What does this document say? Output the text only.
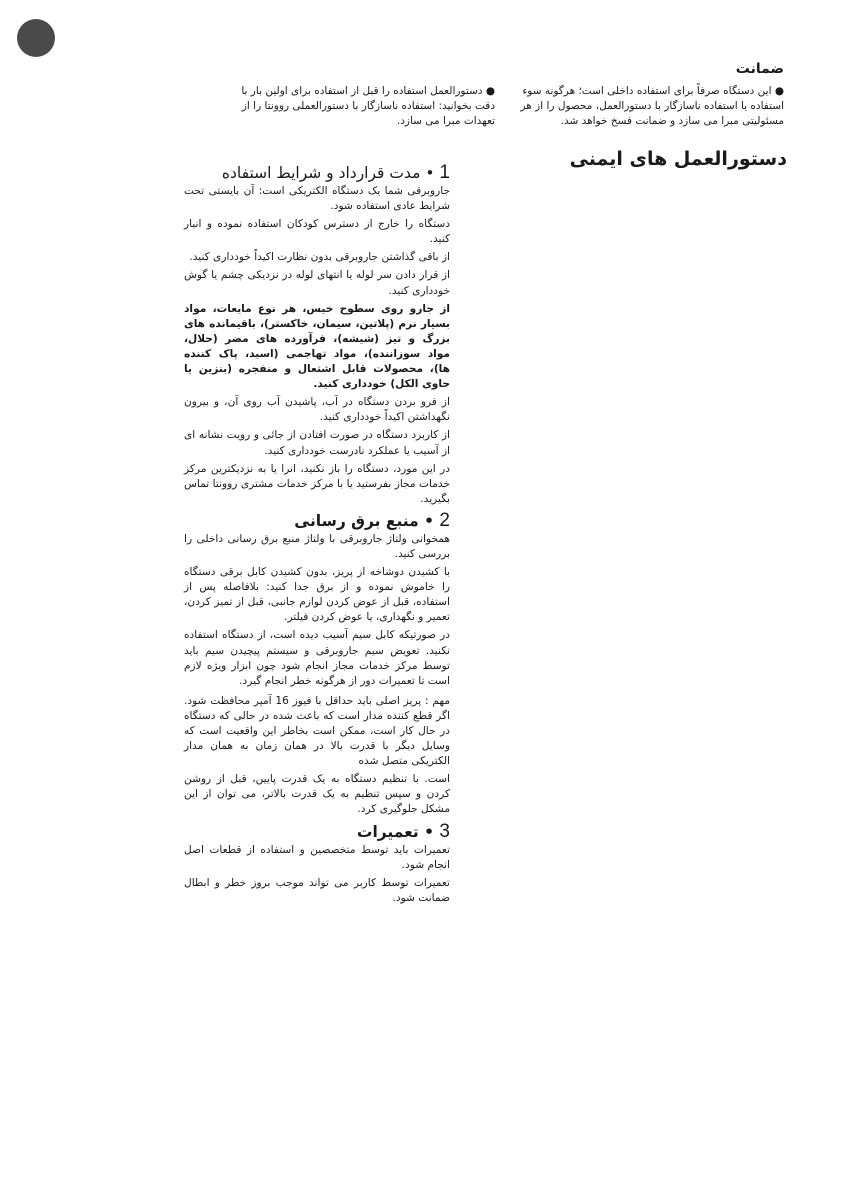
ضمانت
● این دستگاه صرفاً برای استفاده داخلی است؛ هرگونه سوء استفاده یا استفاده ناسازگار با دستورالعمل، محصول را از هر مسئولیتی مبرا می سازد و ضمانت فسخ خواهد شد.
● دستورالعمل استفاده را قبل از استفاده برای اولین بار با دقت بخوانید: استفاده ناسازگار با دستورالعملی روونتا را از تعهدات مبرا می سازد.
دستورالعمل های ایمنی

1 • مدت قرارداد و شرایط استفاده

جاروبرقی شما یک دستگاه الکتریکی است: آن بایستی تحت شرایط عادی استفاده شود.

دستگاه را خارج از دسترس کودکان استفاده نموده و انبار کنید.

از باقی گذاشتن جاروبرقی بدون نظارت اکیداً خودداری کنید.

از قرار دادن سر لوله یا انتهای لوله در نزدیکی چشم یا گوش خودداری کنید.

از جارو روی سطوح خیس، هر نوع مایعات، مواد بسیار نرم (پلاتین، سیمان، خاکستر)، باقیمانده های بزرگ و تیز (شیشه)، فرآورده های مضر (حلال، مواد سوزاننده)، مواد تهاجمی (اسید، پاک کننده ها)، محصولات قابل اشتعال و منفجره (بنزین یا حاوی الکل) خودداری کنید.

از فرو بردن دستگاه در آب، پاشیدن آب روی آن، و بیرون نگهداشتن اکیداً خودداری کنید.

از کاربرد دستگاه در صورت افتادن از جائی و رویت نشانه ای از آسیب یا عملکرد نادرست خودداری کنید.

در این مورد، دستگاه را باز نکنید، انرا یا به نزدیکترین مرکز خدمات مجاز بفرستید یا با مرکز خدمات مشتری روونتا تماس بگیرید.

2 • منبع برق رسانی

همخوانی ولتاژ جاروبرقی با ولتاژ منبع برق رسانی داخلی را بررسی کنید.

با کشیدن دوشاخه از پریز، بدون کشیدن کابل برقی دستگاه را خاموش نموده و از برق جدا کنید: بلافاصله پس از استفاده، قبل از عوض کردن لوازم جانبی، قبل از تمیز کردن، تعمیر و نگهداری، یا عوض کردن فیلتر.

در صورتیکه کابل سیم آسیب دیده است، از دستگاه استفاده نکنید. تعویض سیم جاروبرقی و سیستم پیچیدن سیم باید توسط مرکز خدمات مجاز انجام شود چون ابزار ویژه لازم است تا تعمیرات دور از هرگونه خطر انجام گیرد.

مهم : پریز اصلی باید حداقل با فیوز 16 آمپر محافظت شود. اگر قطع کننده مدار است که باعث شده در حالی که دستگاه در حال کار است، ممکن است بخاطر این واقعیت است که وسایل دیگر با قدرت بالا در همان زمان به همان مدار الکتریکی متصل شده

است. با تنظیم دستگاه به یک قدرت پایین، قبل از روشن کردن و سپس تنظیم به یک قدرت بالاتر، می توان از این مشکل جلوگیری کرد.

3 • تعمیرات

تعمیرات باید توسط متخصصین و استفاده از قطعات اصل انجام شود.

تعمیرات توسط کاربر می تواند موجب بروز خطر و ابطال ضمانت شود.
